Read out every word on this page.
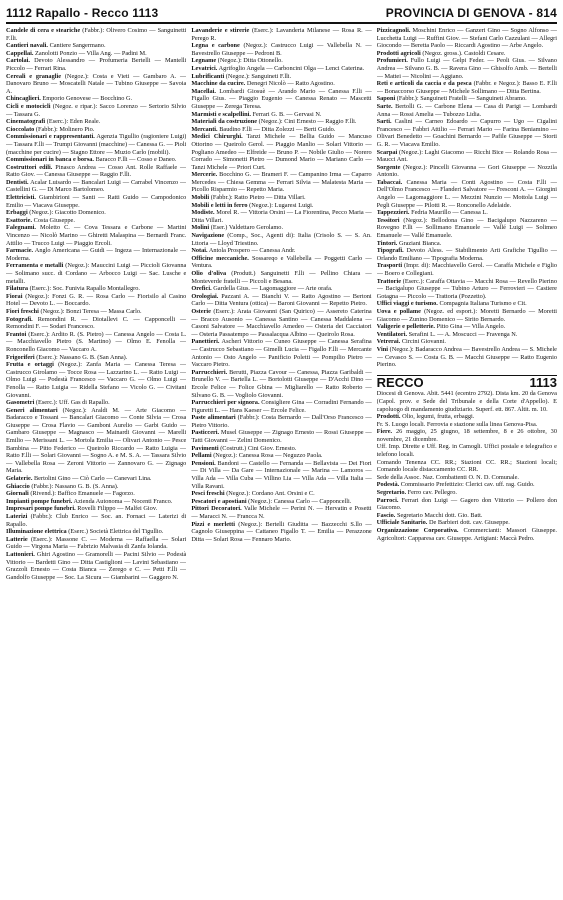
1112 Rapallo - Recco 1113	PROVINCIA DI GENOVA - 814

Candele di cera e steariche (Fabbr.): Olivero Cosimo — Sanguinetti F.lli.

Cantieri navali. Cantiere Sangermano.

Cappellai. Zanolotti Ponzio — Villa Ang. — Padini M.

Cartolai. Devoto Alessandro — Profumeria Bertelli — Mantelli Piccolo — Ferrari Rina.

Cereali e granaglie (Negoz.): Costa e Vieti — Gambaro A. — Danovaro Bruno — Moscatelli Natale — Tubino Giuseppe — Savoia A.

Chincaglieri. Emporio Genovese — Bocchino G.

Cicli e motocicli (Negoz. e ripar.): Sacco Lorenzo — Sertorio Silvio — Tassara G.

Cinematografi (Eserc.): Eden Reale.

Cioccolato (Fabbr.): Molinero Pio.

Commissionari e rappresentanti. Agenzia Tigullio (ragioniere Luigi) — Tassara F.lli — Trumpi Giovanni (macchine) — Canessa G. — Pioli (macchine per cucire) — Stagno Ettore — Muzio Carlo (mobili).

Commissionari in banca e borsa. Baracco F.lli — Cosso e Daneo.

Costruttori edili. Pinasco Andrea — Cosso Ant. Rolle Raffaele — Ratto Giov. — Canessa Giuseppe — Raggio F.lli.

Dentisti. Acalar Luisardo — Bancalari Luigi — Carrabel Vincenzo — Castellini G. — Di Marco Bartolomeo.

Elettricisti. Giambirioni — Santi — Ratti Guido — Campodonico Emilio — Viacava Giuseppe.

Erbaggi (Negoz.): Giacotto Domenico.

Esattorie. Costa Giuseppe.

Falegnami. Moletto C. — Cova Tessara e Carbone — Martini Vincenzo — Nicolò Marino — Ghiretti Malaspina — Bernardi Franc. Attilio — Trucco Luigi — Piaggio Ercoli.

Farmacie. Anglo Americana — Guidi — Ingeza — Internazionale — Moderna.

Ferramenta e metalli (Negoz.): Mauccini Luigi — Piccioli Giovanna — Solimano succ. di Cordano — Arbocco Luigi — Sac. Lusche e metalli.

Filatura (Eserc.): Soc. Funivia Rapallo Montallegro.

Fiorai (Negoz.): Fonzi G. R. — Rosa Carlo — Fiorisilo al Casino Hotel — Devoto L. — Boccardo.

Fiori freschi (Negoz.): Bonzi Teresa — Massa Carlo.

Fotografi. Remondini R. — Diotallevi C. — Capponcelli — Remondini F. — Sodari Francesco.

Frantoi (Eserc.): Ardito R. (S. Pietro) — Canessa Angelo — Costa L. — Macchiavello Pietro (S. Martino) — Olmo E. Fenolla — Ronconello Giacomo — Vaccaro A.

Frigoriferi (Eserc.): Nassano G. B. (San Anna).

Frutta e ortaggi (Negoz.): Zanfa Maria — Canessa Teresa — Castrucco Girolamo — Tocce Rosa — Lazzarino L. — Ratto Luigi — Olmo Luigi — Podestà Francesco — Vaccaro G. — Olmo Luigi — Fenolla — Ratto Luigia — Ridella Stefano — Vicolo G. — Civitani Giovanni.

Gasometri (Eserc.): Uff. Gas di Rapallo.

Generi alimentari (Negoz.): Araldi M. — Arte Giacomo — Badaracco e Tossani — Bancalari Giacomo — Conte Silvia — Crosa Giuseppe — Crosa Flavio — Gamboni Aurelio — Garbi Guido — Gambaro Giuseppe — Magnasco — Mainardi Giovanni — Marelli Emilio — Merissani L. — Mortola Emilia — Olivari Antonio — Pesce Bambina — Pitto Federico — Queirolo Riccardo — Ratto Luigia — Ratto F.lli — Solari Giovanni — Sogno A. e M. S. A. — Tassara Silvio — Vallebella Rosa — Zeroni Vittorio — Zannovaro G. — Zignago Maria.

Gelaterie. Bertolini Gino — Ciò Carlo — Canevari Lina.

Ghiaccio (Fabbr.): Nassano G. B. (S. Anna).

Giornali (Rivend.): Baffico Emanuele — Fagorzo.

Impianti pompe funebri. Azienda Autonoma — Nocenti Franco.

Impresari pompe funebri. Rovelli Filippo — Malfei Giov.

Laterizi (Fabbr.): Club Enrico — Soc. an. Fornaci — Laterizi di Rapallo.

Illuminazione elettrica (Eserc.) Società Elettrica del Tigullio.

Latterie (Eserc.): Massone C. — Moderna — Raffaella — Solari Guido — Virgona Maria — Fabrizio Malvasia di Zanfa Iolanda.

Lattonieri. Ghiri Agostino — Gramorelli — Pacini Silvio — Podestà Vittorio — Bardetti Gino — Ditta Castiglioni — Lavini Sebastiano — Grazzoli Ernesto — Costa Bianca — Zerego e C. — Petti F.lli — Gandolfo Giuseppe — Soc. La Sicura — Giambarini — Gaggero N.

Lavanderie e stirerie (Eserc.): Lavanderia Milanese — Rosa R. — Perego R.

Legna e carbone (Negoz.): Castrucco Luigi — Vallebella N. — Bavestrello Giuseppe — Pedroni B.

Legname (Negoz.): Ditta Ottonello.

Levatrici. Agrifoglio Angela — Carboncini Olga — Lenci Caterina.

Lubrificanti (Negoz.): Sanguineti F.lli.

Macchine da cucire. Denegri Nicolò — Ratto Agostino.

Macellai. Lombardi Giosuè — Arando Mario — Canessa F.lli — Figallo Gius. — Piaggio Eugenio — Canessa Renato — Mascetti Giuseppe — Zerega Teresa.

Marmisti e scalpellini. Ferrari G. B. — Gervasi N.

Materiali da costruzione (Negoz.): Cini Ernesto — Raggio F.lli.

Mercanti. Baudino F.lli — Ditta Zolezzi — Berti Guido.

Medici Chirurghi. Tanzi Michele — Bellia Guido — Mancuso Ottorino — Queirolo Gerol. — Piaggio Manlio — Solari Vittorio — Pogliano Amedeo — Elfreide — Bruno P. — Nobile Giulio — Norero Corrado — Simonetti Pietro — Dumond Mario — Mariano Carlo — Tanzi Michele — Priori Curt.

Mercerie. Bocchino G. — Brameri F. — Campanino Irma — Caparro Mercedes — Chiesa Gemma — Ferrari Silvia — Malatesta Maria — Picollo Risparmio — Repetto Maria.

Mobili (Fabbr.): Ratto Pietro — Ditta Villari.

Mobili e letti in ferro (Negoz.): Lugaresi Luigi.

Modiste. Morel R. — Vittoria Orsini — La Fiorentina, Pecco Maria — Ditta Villari.

Molini (Eser.) Valdettaro Gerolamo.

Navigazione (Comp., Soc., Agenti di): Italia (Crisolo S. — S. An. Lttoria — Lloyd Triestino.

Notai. Antola Prospero — Canessa Andr.

Officine meccaniche. Sossareqo e Vallebella — Poggetti Carlo — Ventura.

Olio d'oliva (Produtt.) Sanguinetti F.lli — Pellino Chiara — Monteverde fratelli — Piccoli e Besana.

Orefici. Gardella Gius. — Lagomaggiore — Arte orafa.

Orologiai. Pazzani A. — Bianchi V. — Ratto Agostino — Bertoni Carlo — Ditta Ventura (ottica) — Baroni Giovanni — Repetto Pietro.

Osterie (Eserc.): Arata Giovanni (San Quirico) — Assereto Caterina — Bracco Ausonio — Canessa Santino — Canessa Maddalena — Casoni Salvatore — Macchiavello Amedeo — Osteria dei Cacciatori — Osteria Passatempo — Passalacqua Albino — Queirolo Rosa.

Panettieri. Ascheri Vittorio — Cuneo Giuseppe — Canessa Serafina — Castrucco Sebastiano — Gimelli Lucia — Figallo F.lli — Mercante Antonio — Osto Angelo — Panificio Poletti — Pompilio Pietro — Vaccaro Pietro.

Parrucchieri. Berutti, Piazza Cavour — Canessa, Piazza Garibaldi — Brunello V. — Bartella L. — Bortolotti Giuseppe — D'Acchi Dino — Ercole Felice — Folice Gbina — Migliarello — Ratto Roberto — Silvano G. B. — Vogliolo Giovanni.

Parrucchieri per signora. Consigliere Gina — Corradini Fernando — Figuretti L. — Hans Kaeser — Ercole Felice.

Paste alimentari (Fabbr.): Costa Bernardo — Dall'Orso Francesco — Pietro Vittorio.

Pasticceri. Musel Giuseppe — Zignago Ernesto — Rossi Giuseppe — Tatti Giovanni — Zelini Domenico.

Pavimenti (Costrutt.) Cini Giov. Ernesto.

Pellami (Negoz.): Canessa Rosa — Neguzzo Paola.

Pensioni. Bandoni — Castello — Fernanda — Bellavista — Dei Fiori — Di Villa — Da Gare — Internazionale — Marina — Lamoros — Villa Ada — Villa Cuba — Villino Lia — Villa Ada — Villa Italia — Villa Ravani.

Pesci freschi (Negoz.): Cordano Ant. Orsini e C.

Pescatori e apostiani (Negoz.): Canessa Carlo — Capponcelli.

Pittori Decoratori. Valle Michele — Perini N. — Hervatin e Posetti — Maracci N. — Francca N.

Pizzi e merletti (Negoz.): Bertelli Giuditta — Bazzecchi S.llo — Cagnolo Giuseppina — Cattaneo Figallo T. — Emilia — Perazzone Ditta — Solari Rosa — Fennaro Mario.

Pizzicagnoli. Moschini Enrico — Ganzeri Gino — Sogno Alfonso — Lucchetta Luigi — Ruffini Giov. — Stefani Carlo Cazzulani — Allegri Giocondo — Beretta Paolo — Riccardi Agostino — Arbe Angelo.

Prodotti agricoli (Negoz. gross.). Castoldi Cesare.

Profumieri. Fullo Luigi — Gelpi Feder. — Peoli Gius. — Silvano Andrea — Silvano G. B. — Ravera Gino — Ghisolfo Amb. — Bertelli — Mattei — Nicolini — Aggiano.

Reti e articoli da caccia e da pesca (Fabbr. e Negoz.): Basso E. F.lli — Bonaccorso Giuseppe — Michele Sollimano — Ditta Bertina.

Saponi (Fabbr.): Sanguineti Fratelli — Sanguineti Abramo.

Sarte. Bertolli G. — Carbone Elena — Casa di Parigi — Lombardi Anna — Rossi Amelia — Tubozzo Lidia.

Sarti. Caslini — Carneo Edoardo — Capurro — Ugo — Cigalini Francesco — Fabbri Attilio — Ferrari Mario — Farina Beniamino — Olivari Benedetto — Goachini Bernardo — Pafile Giuseppe — Storti G. R. — Viacava Emilio.

Scarpai (Negoz.): Laghi Giacomo — Ricchi Bice — Rolando Rosa — Maucci Ant.

Sorgente (Negoz.): Pincelli Giovanna — Gori Giuseppe — Nozzila Antonio.

Tabaccai. Canessa Maria — Conti Agostino — Costa F.lli — Dell'Olmo Francesco — Flanderi Salvatore — Fresconi A. — Giorgini Angelo — Lagomaggiore L. — Mezzini Nunzio — Mottola Luigi — Pegli Giuseppe — Pilotti R. — Ronconello Adelaide.

Tappezzieri. Fedria Maurillo — Canessa L.

Tessitori (Negoz.): Bellodona Gino — Bacigalupo Nazzareno — Rovegno F.lli — Sollimano Emanuele — Vallé Luigi — Solimeo Emanuele — Vallé Emanuele.

Tintori. Graziani Bianca.

Tipografi. Devoto Aless. — Stabilimento Arti Grafiche Tigullio — Orlando Emiliano — Tipografia Moderna.

Trasporti (Impr. di): Macchiavello Gerol. — Caraffa Michele e Figlio — Boero e Collegiani.

Trattorie (Eserc.): Caraffa Ottavia — Macchi Rosa — Revello Pierino — Bacigalupo Giuseppe — Tubino Arturo — Ferrovieri — Castiere Gotagna — Piccolo — Trattoria (Pozzetto).

Uffici viaggi e turismo. Compagnia Italiana Turismo e Cit.

Uova e pollame (Negoz. ed esport.): Moretti Bernardo — Moretti Giacomo — Zunino Domenico — Sirito Bernardo.

Valigerie e pelletterie. Pitto Gina — Villa Angelo.

Ventilatori. Serafini L. — A. Moscucci — Fravenga N.

Vetrerai. Circini Giovanni.

Vini (Negoz.): Badaracco Andrea — Bavestrello Andrea — S. Michele — Cevasco S. — Costa G. B. — Macchi Giuseppe — Ratto Eugenio Pierino.

RECCO	1113

Diocesi di Genova. Abit. 5441 (ecentro 2792). Dista km. 20 da Genova (Capol. prov. e Sede del Tribunale e della Corte d'Appello). E capoluogo di mandamento giudiziario. Superf. ett. 867. Altit. m. 10.

Prodotti. Olio, legumi, frutta, erbaggi.

Fr. S. Luogo locali. Ferrovia e stazione sulla linea Genova-Pisa.

Fiere. 26 maggio, 25 giugno, 18 settembre, 8 e 26 ottobre, 30 novembre, 21 dicembre.

Uff. Imp. Dirette e Uff. Reg. in Camogli. Uffici postale e telegrafico e telefono locali.

Comando Tenenza CC. RR.; Stazioni CC. RR.; Stazioni locali; Comando locale distaccamento CC. RR.

Sede della Assoc. Naz. Combattenti O. N. D. Comunale.

Podestà. Commissario Prefettizio: Clerici cav. uff. rag. Guido.

Segretario. Ferro cav. Pellegro.

Parroci. Ferrari don Luigi — Gagero don Vittorio — Pollero don Giacomo.

Fascio. Segretario Macchi dott. Gio. Batt.

Ufficiale Sanitario. De Barbieri dott. cav. Giuseppe.

Organizzazione Corporativa. Commercianti: Massori Giuseppe. Agricoltori: Capparesa cav. Giuseppe. Artigiani: Maccà Pedro.
